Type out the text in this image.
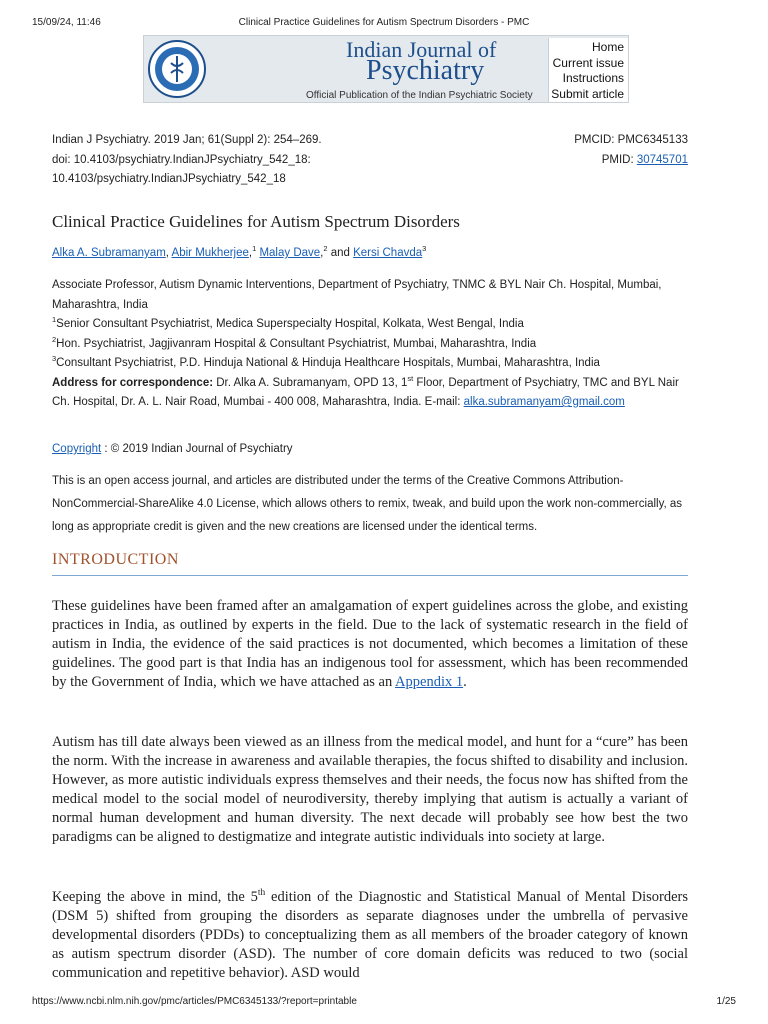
15/09/24, 11:46	Clinical Practice Guidelines for Autism Spectrum Disorders - PMC
Indian Journal of
Psychiatry
Official Publication of the Indian Psychiatric Society
Home
Current issue
Instructions
Submit article
Indian J Psychiatry. 2019 Jan; 61(Suppl 2): 254–269.
doi: 10.4103/psychiatry.IndianJPsychiatry_542_18:
10.4103/psychiatry.IndianJPsychiatry_542_18
PMCID: PMC6345133
PMID: 30745701
Clinical Practice Guidelines for Autism Spectrum Disorders
Alka A. Subramanyam, Abir Mukherjee,$^1$ Malay Dave,$^2$ and Kersi Chavda$^3$
Associate Professor, Autism Dynamic Interventions, Department of Psychiatry, TNMC & BYL Nair Ch. Hospital, Mumbai, Maharashtra, India
$^1$Senior Consultant Psychiatrist, Medica Superspecialty Hospital, Kolkata, West Bengal, India
$^2$Hon. Psychiatrist, Jagjivanram Hospital & Consultant Psychiatrist, Mumbai, Maharashtra, India
$^3$Consultant Psychiatrist, P.D. Hinduja National & Hinduja Healthcare Hospitals, Mumbai, Maharashtra, India
Address for correspondence: Dr. Alka A. Subramanyam, OPD 13, 1st Floor, Department of Psychiatry, TMC and BYL Nair Ch. Hospital, Dr. A. L. Nair Road, Mumbai - 400 008, Maharashtra, India. E-mail: alka.subramanyam@gmail.com
Copyright : © 2019 Indian Journal of Psychiatry
This is an open access journal, and articles are distributed under the terms of the Creative Commons Attribution-NonCommercial-ShareAlike 4.0 License, which allows others to remix, tweak, and build upon the work non-commercially, as long as appropriate credit is given and the new creations are licensed under the identical terms.
INTRODUCTION

These guidelines have been framed after an amalgamation of expert guidelines across the globe, and existing practices in India, as outlined by experts in the field. Due to the lack of systematic research in the field of autism in India, the evidence of the said practices is not documented, which becomes a limitation of these guidelines. The good part is that India has an indigenous tool for assessment, which has been recommended by the Government of India, which we have attached as an Appendix 1.

Autism has till date always been viewed as an illness from the medical model, and hunt for a “cure” has been the norm. With the increase in awareness and available therapies, the focus shifted to disability and inclusion. However, as more autistic individuals express themselves and their needs, the focus now has shifted from the medical model to the social model of neurodiversity, thereby implying that autism is actually a variant of normal human development and human diversity. The next decade will probably see how best the two paradigms can be aligned to destigmatize and integrate autistic individuals into society at large.

Keeping the above in mind, the 5th edition of the Diagnostic and Statistical Manual of Mental Disorders (DSM 5) shifted from grouping the disorders as separate diagnoses under the umbrella of pervasive developmental disorders (PDDs) to conceptualizing them as all members of the broader category of known as autism spectrum disorder (ASD). The number of core domain deficits was reduced to two (social communication and repetitive behavior). ASD would

https://www.ncbi.nlm.nih.gov/pmc/articles/PMC6345133/?report=printable	1/25
